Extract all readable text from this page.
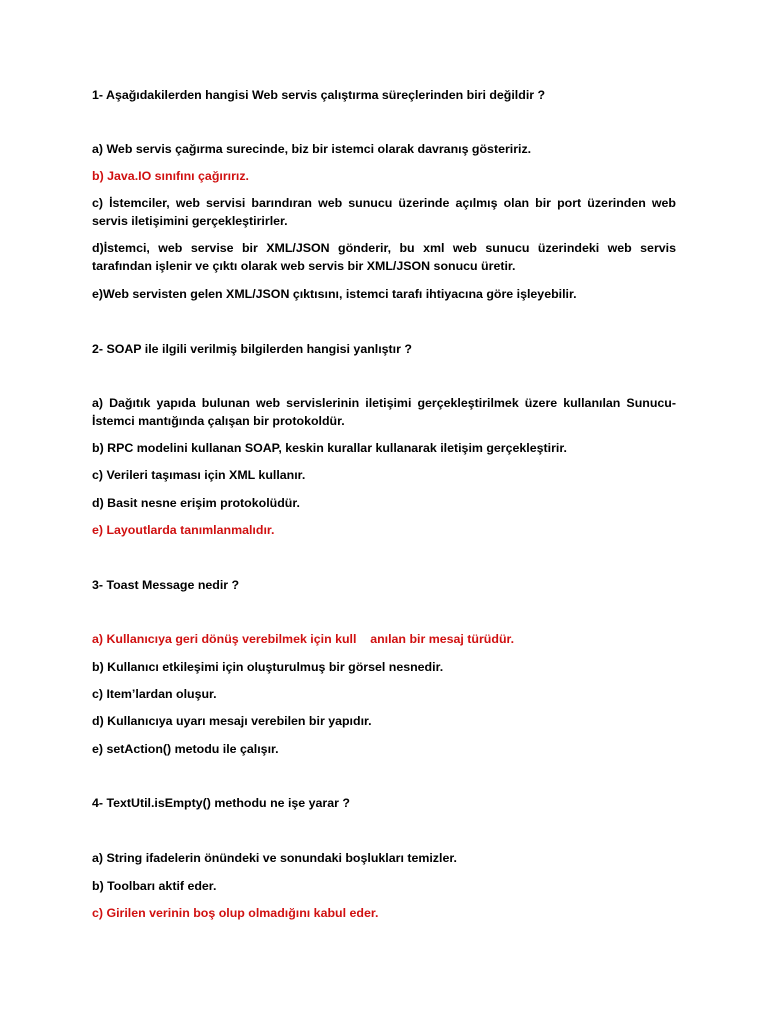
1- Aşağıdakilerden hangisi Web servis çalıştırma süreçlerinden biri değildir ?

a) Web servis çağırma surecinde, biz bir istemci olarak davranış gösteririz.

b) Java.IO sınıfını çağırırız.

c) İstemciler, web servisi barındıran web sunucu üzerinde açılmış olan bir port üzerinden web servis iletişimini gerçekleştirirler.

d)İstemci, web servise bir XML/JSON gönderir, bu xml web sunucu üzerindeki web servis tarafından işlenir ve çıktı olarak web servis bir XML/JSON sonucu üretir.

e)Web servisten gelen XML/JSON çıktısını, istemci tarafı ihtiyacına göre işleyebilir.

2- SOAP ile ilgili verilmiş bilgilerden hangisi yanlıştır ?

a) Dağıtık yapıda bulunan web servislerinin iletişimi gerçekleştirilmek üzere kullanılan Sunucu-İstemci mantığında çalışan bir protokoldür.

b) RPC modelini kullanan SOAP, keskin kurallar kullanarak iletişim gerçekleştirir.

c) Verileri taşıması için XML kullanır.

d) Basit nesne erişim protokolüdür.

e) Layoutlarda tanımlanmalıdır.

3- Toast Message nedir ?

a) Kullanıcıya geri dönüş verebilmek için kull    anılan bir mesaj türüdür.

b) Kullanıcı etkileşimi için oluşturulmuş bir görsel nesnedir.

c) Item’lardan oluşur.

d) Kullanıcıya uyarı mesajı verebilen bir yapıdır.

e) setAction() metodu ile çalışır.

4- TextUtil.isEmpty() methodu ne işe yarar ?

a) String ifadelerin önündeki ve sonundaki boşlukları temizler.

b) Toolbarı aktif eder.

c) Girilen verinin boş olup olmadığını kabul eder.
